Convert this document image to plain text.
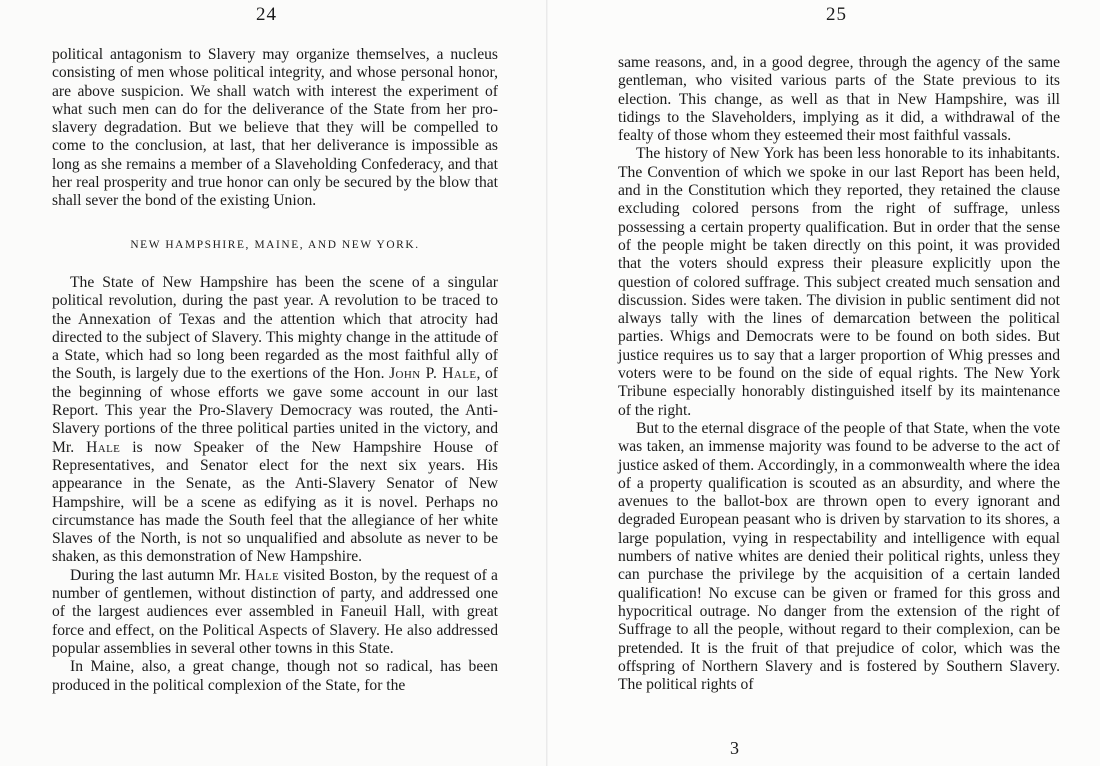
24

political antagonism to Slavery may organize themselves, a nucleus consisting of men whose political integrity, and whose personal honor, are above suspicion. We shall watch with interest the experiment of what such men can do for the deliverance of the State from her pro-slavery degradation. But we believe that they will be compelled to come to the conclusion, at last, that her deliverance is impossible as long as she remains a member of a Slaveholding Confederacy, and that her real prosperity and true honor can only be secured by the blow that shall sever the bond of the existing Union.

NEW HAMPSHIRE, MAINE, AND NEW YORK.

The State of New Hampshire has been the scene of a singular political revolution, during the past year. A revolution to be traced to the Annexation of Texas and the attention which that atrocity had directed to the subject of Slavery. This mighty change in the attitude of a State, which had so long been regarded as the most faithful ally of the South, is largely due to the exertions of the Hon. John P. Hale, of the beginning of whose efforts we gave some account in our last Report. This year the Pro-Slavery Democracy was routed, the Anti-Slavery portions of the three political parties united in the victory, and Mr. Hale is now Speaker of the New Hampshire House of Representatives, and Senator elect for the next six years. His appearance in the Senate, as the Anti-Slavery Senator of New Hampshire, will be a scene as edifying as it is novel. Perhaps no circumstance has made the South feel that the allegiance of her white Slaves of the North, is not so unqualified and absolute as never to be shaken, as this demonstration of New Hampshire.

During the last autumn Mr. Hale visited Boston, by the request of a number of gentlemen, without distinction of party, and addressed one of the largest audiences ever assembled in Faneuil Hall, with great force and effect, on the Political Aspects of Slavery. He also addressed popular assemblies in several other towns in this State.

In Maine, also, a great change, though not so radical, has been produced in the political complexion of the State, for the

25

same reasons, and, in a good degree, through the agency of the same gentleman, who visited various parts of the State previous to its election. This change, as well as that in New Hampshire, was ill tidings to the Slaveholders, implying as it did, a withdrawal of the fealty of those whom they esteemed their most faithful vassals.

The history of New York has been less honorable to its inhabitants. The Convention of which we spoke in our last Report has been held, and in the Constitution which they reported, they retained the clause excluding colored persons from the right of suffrage, unless possessing a certain property qualification. But in order that the sense of the people might be taken directly on this point, it was provided that the voters should express their pleasure explicitly upon the question of colored suffrage. This subject created much sensation and discussion. Sides were taken. The division in public sentiment did not always tally with the lines of demarcation between the political parties. Whigs and Democrats were to be found on both sides. But justice requires us to say that a larger proportion of Whig presses and voters were to be found on the side of equal rights. The New York Tribune especially honorably distinguished itself by its maintenance of the right.

But to the eternal disgrace of the people of that State, when the vote was taken, an immense majority was found to be adverse to the act of justice asked of them. Accordingly, in a commonwealth where the idea of a property qualification is scouted as an absurdity, and where the avenues to the ballot-box are thrown open to every ignorant and degraded European peasant who is driven by starvation to its shores, a large population, vying in respectability and intelligence with equal numbers of native whites are denied their political rights, unless they can purchase the privilege by the acquisition of a certain landed qualification! No excuse can be given or framed for this gross and hypocritical outrage. No danger from the extension of the right of Suffrage to all the people, without regard to their complexion, can be pretended. It is the fruit of that prejudice of color, which was the offspring of Northern Slavery and is fostered by Southern Slavery. The political rights of

3
